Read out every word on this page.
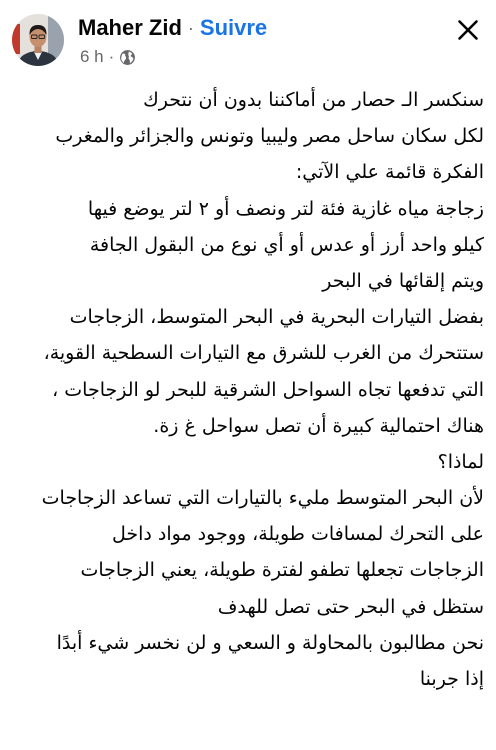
Maher Zid · Suivre
6 h ·
سنكسر الـ حصار من أماكننا بدون أن نتحرك
لكل سكان ساحل مصر وليبيا وتونس والجزائر والمغرب
الفكرة قائمة علي الآتي:
زجاجة مياه غازية فئة لتر ونصف أو ٢ لتر يوضع فيها
كيلو واحد أرز أو عدس أو أي نوع من البقول الجافة
ويتم إلقائها في البحر
بفضل التيارات البحرية في البحر المتوسط، الزجاجات
ستتحرك من الغرب للشرق مع التيارات السطحية القوية،
التي تدفعها تجاه السواحل الشرقية للبحر لو الزجاجات ،
هناك احتمالية كبيرة أن تصل سواحل غ زة.
لماذا؟
لأن البحر المتوسط مليء بالتيارات التي تساعد الزجاجات
على التحرك لمسافات طويلة، ووجود مواد داخل
الزجاجات تجعلها تطفو لفترة طويلة، يعني الزجاجات
ستظل في البحر حتى تصل للهدف
نحن مطالبون بالمحاولة و السعي و لن نخسر شيء أبدًا
إذا جربنا
